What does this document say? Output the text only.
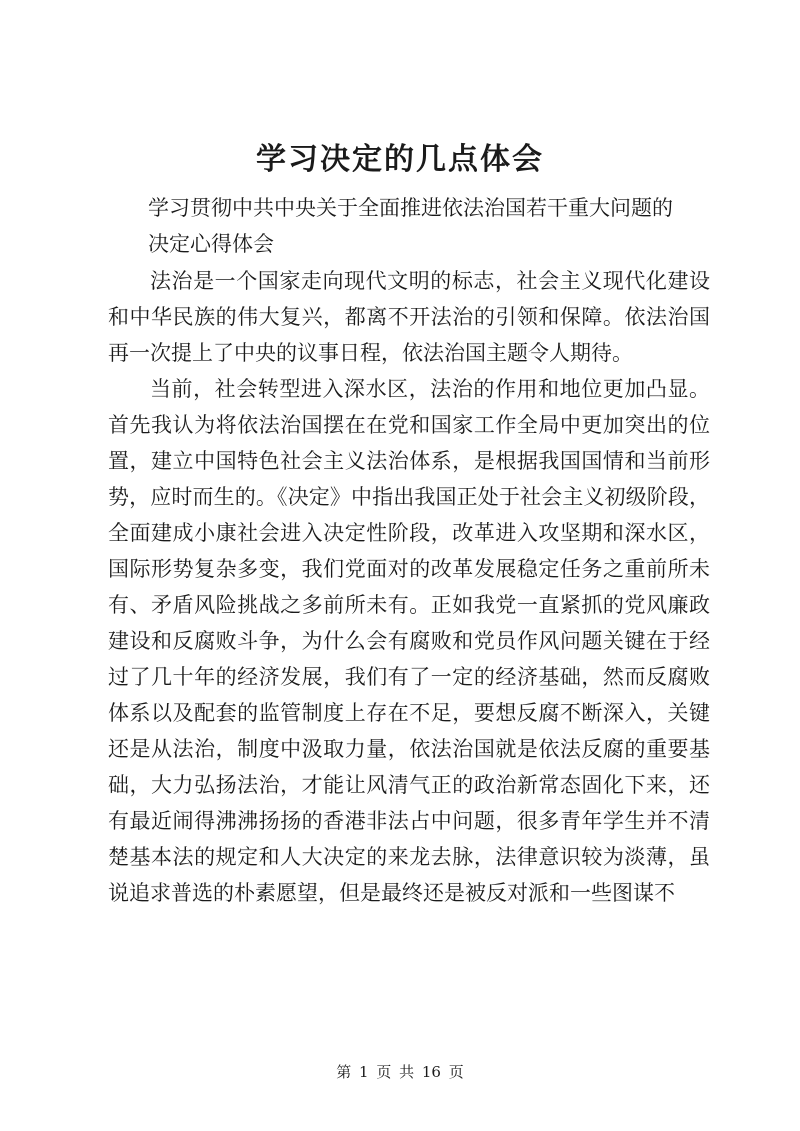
学习决定的几点体会
学习贯彻中共中央关于全面推进依法治国若干重大问题的
决定心得体会

法治是一个国家走向现代文明的标志，社会主义现代化建设和中华民族的伟大复兴，都离不开法治的引领和保障。依法治国再一次提上了中央的议事日程，依法治国主题令人期待。

当前，社会转型进入深水区，法治的作用和地位更加凸显。首先我认为将依法治国摆在在党和国家工作全局中更加突出的位置，建立中国特色社会主义法治体系，是根据我国国情和当前形势，应时而生的。《决定》中指出我国正处于社会主义初级阶段，全面建成小康社会进入决定性阶段，改革进入攻坚期和深水区，国际形势复杂多变，我们党面对的改革发展稳定任务之重前所未有、矛盾风险挑战之多前所未有。正如我党一直紧抓的党风廉政建设和反腐败斗争，为什么会有腐败和党员作风问题关键在于经过了几十年的经济发展，我们有了一定的经济基础，然而反腐败体系以及配套的监管制度上存在不足，要想反腐不断深入，关键还是从法治，制度中汲取力量，依法治国就是依法反腐的重要基础，大力弘扬法治，才能让风清气正的政治新常态固化下来，还有最近闹得沸沸扬扬的香港非法占中问题，很多青年学生并不清楚基本法的规定和人大决定的来龙去脉，法律意识较为淡薄，虽说追求普选的朴素愿望，但是最终还是被反对派和一些图谋不

第 1 页 共 16 页
